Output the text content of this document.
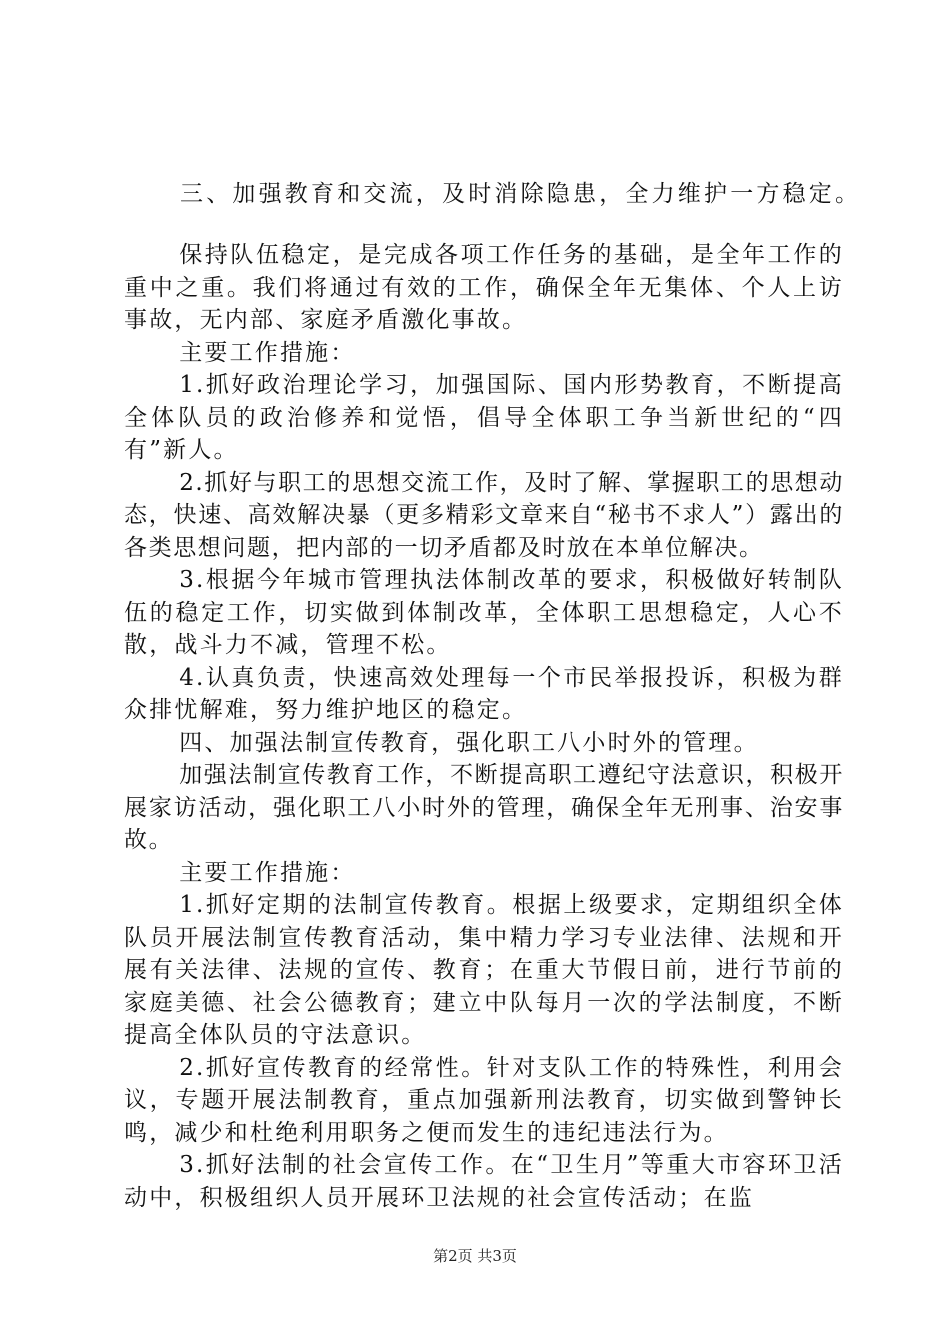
三、加强教育和交流，及时消除隐患，全力维护一方稳定。

保持队伍稳定，是完成各项工作任务的基础，是全年工作的重中之重。我们将通过有效的工作，确保全年无集体、个人上访事故，无内部、家庭矛盾激化事故。

主要工作措施：

1.抓好政治理论学习，加强国际、国内形势教育，不断提高全体队员的政治修养和觉悟，倡导全体职工争当新世纪的“四有”新人。

2.抓好与职工的思想交流工作，及时了解、掌握职工的思想动态，快速、高效解决暴（更多精彩文章来自“秘书不求人”）露出的各类思想问题，把内部的一切矛盾都及时放在本单位解决。

3.根据今年城市管理执法体制改革的要求，积极做好转制队伍的稳定工作，切实做到体制改革，全体职工思想稳定，人心不散，战斗力不减，管理不松。

4.认真负责，快速高效处理每一个市民举报投诉，积极为群众排忧解难，努力维护地区的稳定。

四、加强法制宣传教育，强化职工八小时外的管理。

加强法制宣传教育工作，不断提高职工遵纪守法意识，积极开展家访活动，强化职工八小时外的管理，确保全年无刑事、治安事故。

主要工作措施：

1.抓好定期的法制宣传教育。根据上级要求，定期组织全体队员开展法制宣传教育活动，集中精力学习专业法律、法规和开展有关法律、法规的宣传、教育；在重大节假日前，进行节前的家庭美德、社会公德教育；建立中队每月一次的学法制度，不断提高全体队员的守法意识。

2.抓好宣传教育的经常性。针对支队工作的特殊性，利用会议，专题开展法制教育，重点加强新刑法教育，切实做到警钟长鸣，减少和杜绝利用职务之便而发生的违纪违法行为。

3.抓好法制的社会宣传工作。在“卫生月”等重大市容环卫活动中，积极组织人员开展环卫法规的社会宣传活动；在监

第2页 共3页
